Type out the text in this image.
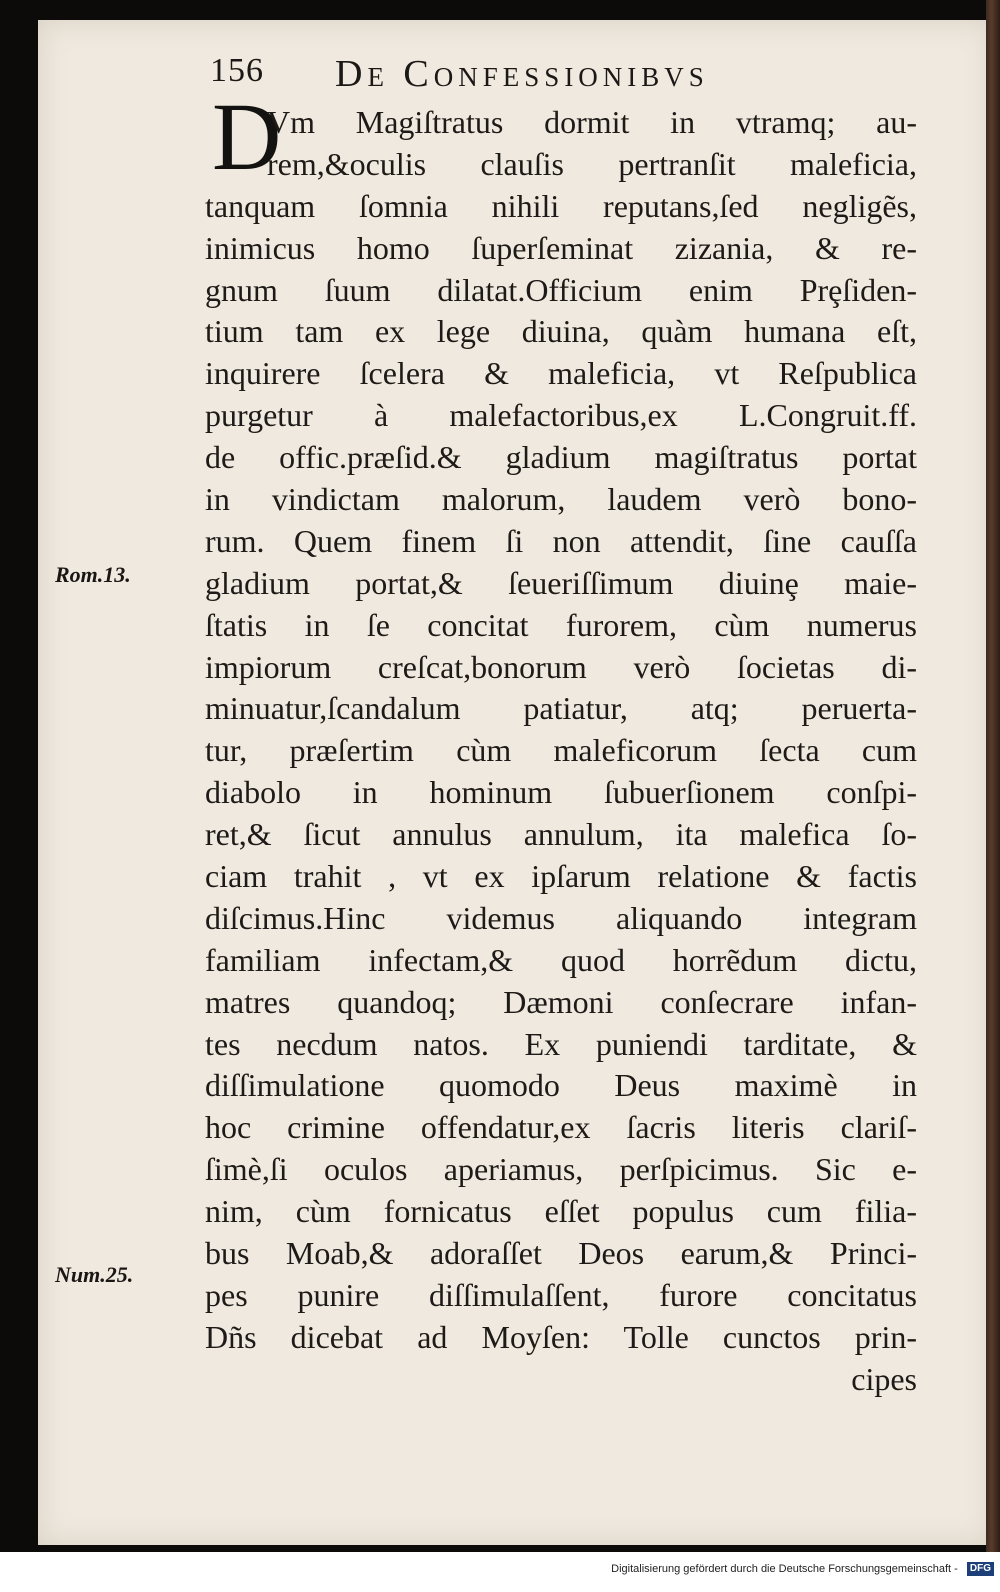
156 De Confessionibvs
D
Vm Magiſtratus dormit in vtramq; au-
rem,&oculis clauſis pertranſit maleficia,
tanquam ſomnia nihili reputans,ſed negligẽs,
inimicus homo ſuperſeminat zizania, & re-
gnum ſuum dilatat.Officium enim Prȩſiden-
tium tam ex lege diuina, quàm humana eſt,
inquirere ſcelera & maleficia, vt Reſpublica
purgetur à malefactoribus,ex L.Congruit.ff.
de offic.præſid.& gladium magiſtratus portat
in vindictam malorum, laudem verò bono-
rum. Quem finem ſi non attendit, ſine cauſſa
gladium portat,& ſeueriſſimum diuinȩ maie-
ſtatis in ſe concitat furorem, cùm numerus
impiorum creſcat,bonorum verò ſocietas di-
minuatur,ſcandalum patiatur, atq; peruerta-
tur, præſertim cùm maleficorum ſecta cum
diabolo in hominum ſubuerſionem conſpi-
ret,& ſicut annulus annulum, ita malefica ſo-
ciam trahit , vt ex ipſarum relatione & factis
diſcimus.Hinc videmus aliquando integram
familiam infectam,& quod horrẽdum dictu,
matres quandoq; Dæmoni conſecrare infan-
tes necdum natos. Ex puniendi tarditate, &
diſſimulatione quomodo Deus maximè in
hoc crimine offendatur,ex ſacris literis clariſ-
ſimè,ſi oculos aperiamus, perſpicimus. Sic e-
nim, cùm fornicatus eſſet populus cum filia-
bus Moab,& adoraſſet Deos earum,& Princi-
pes punire diſſimulaſſent, furore concitatus
Dñs dicebat ad Moyſen: Tolle cunctos prin-
cipes
Rom.13.
Num.25.
Digitalisierung gefördert durch die Deutsche Forschungsgemeinschaft - DFG
